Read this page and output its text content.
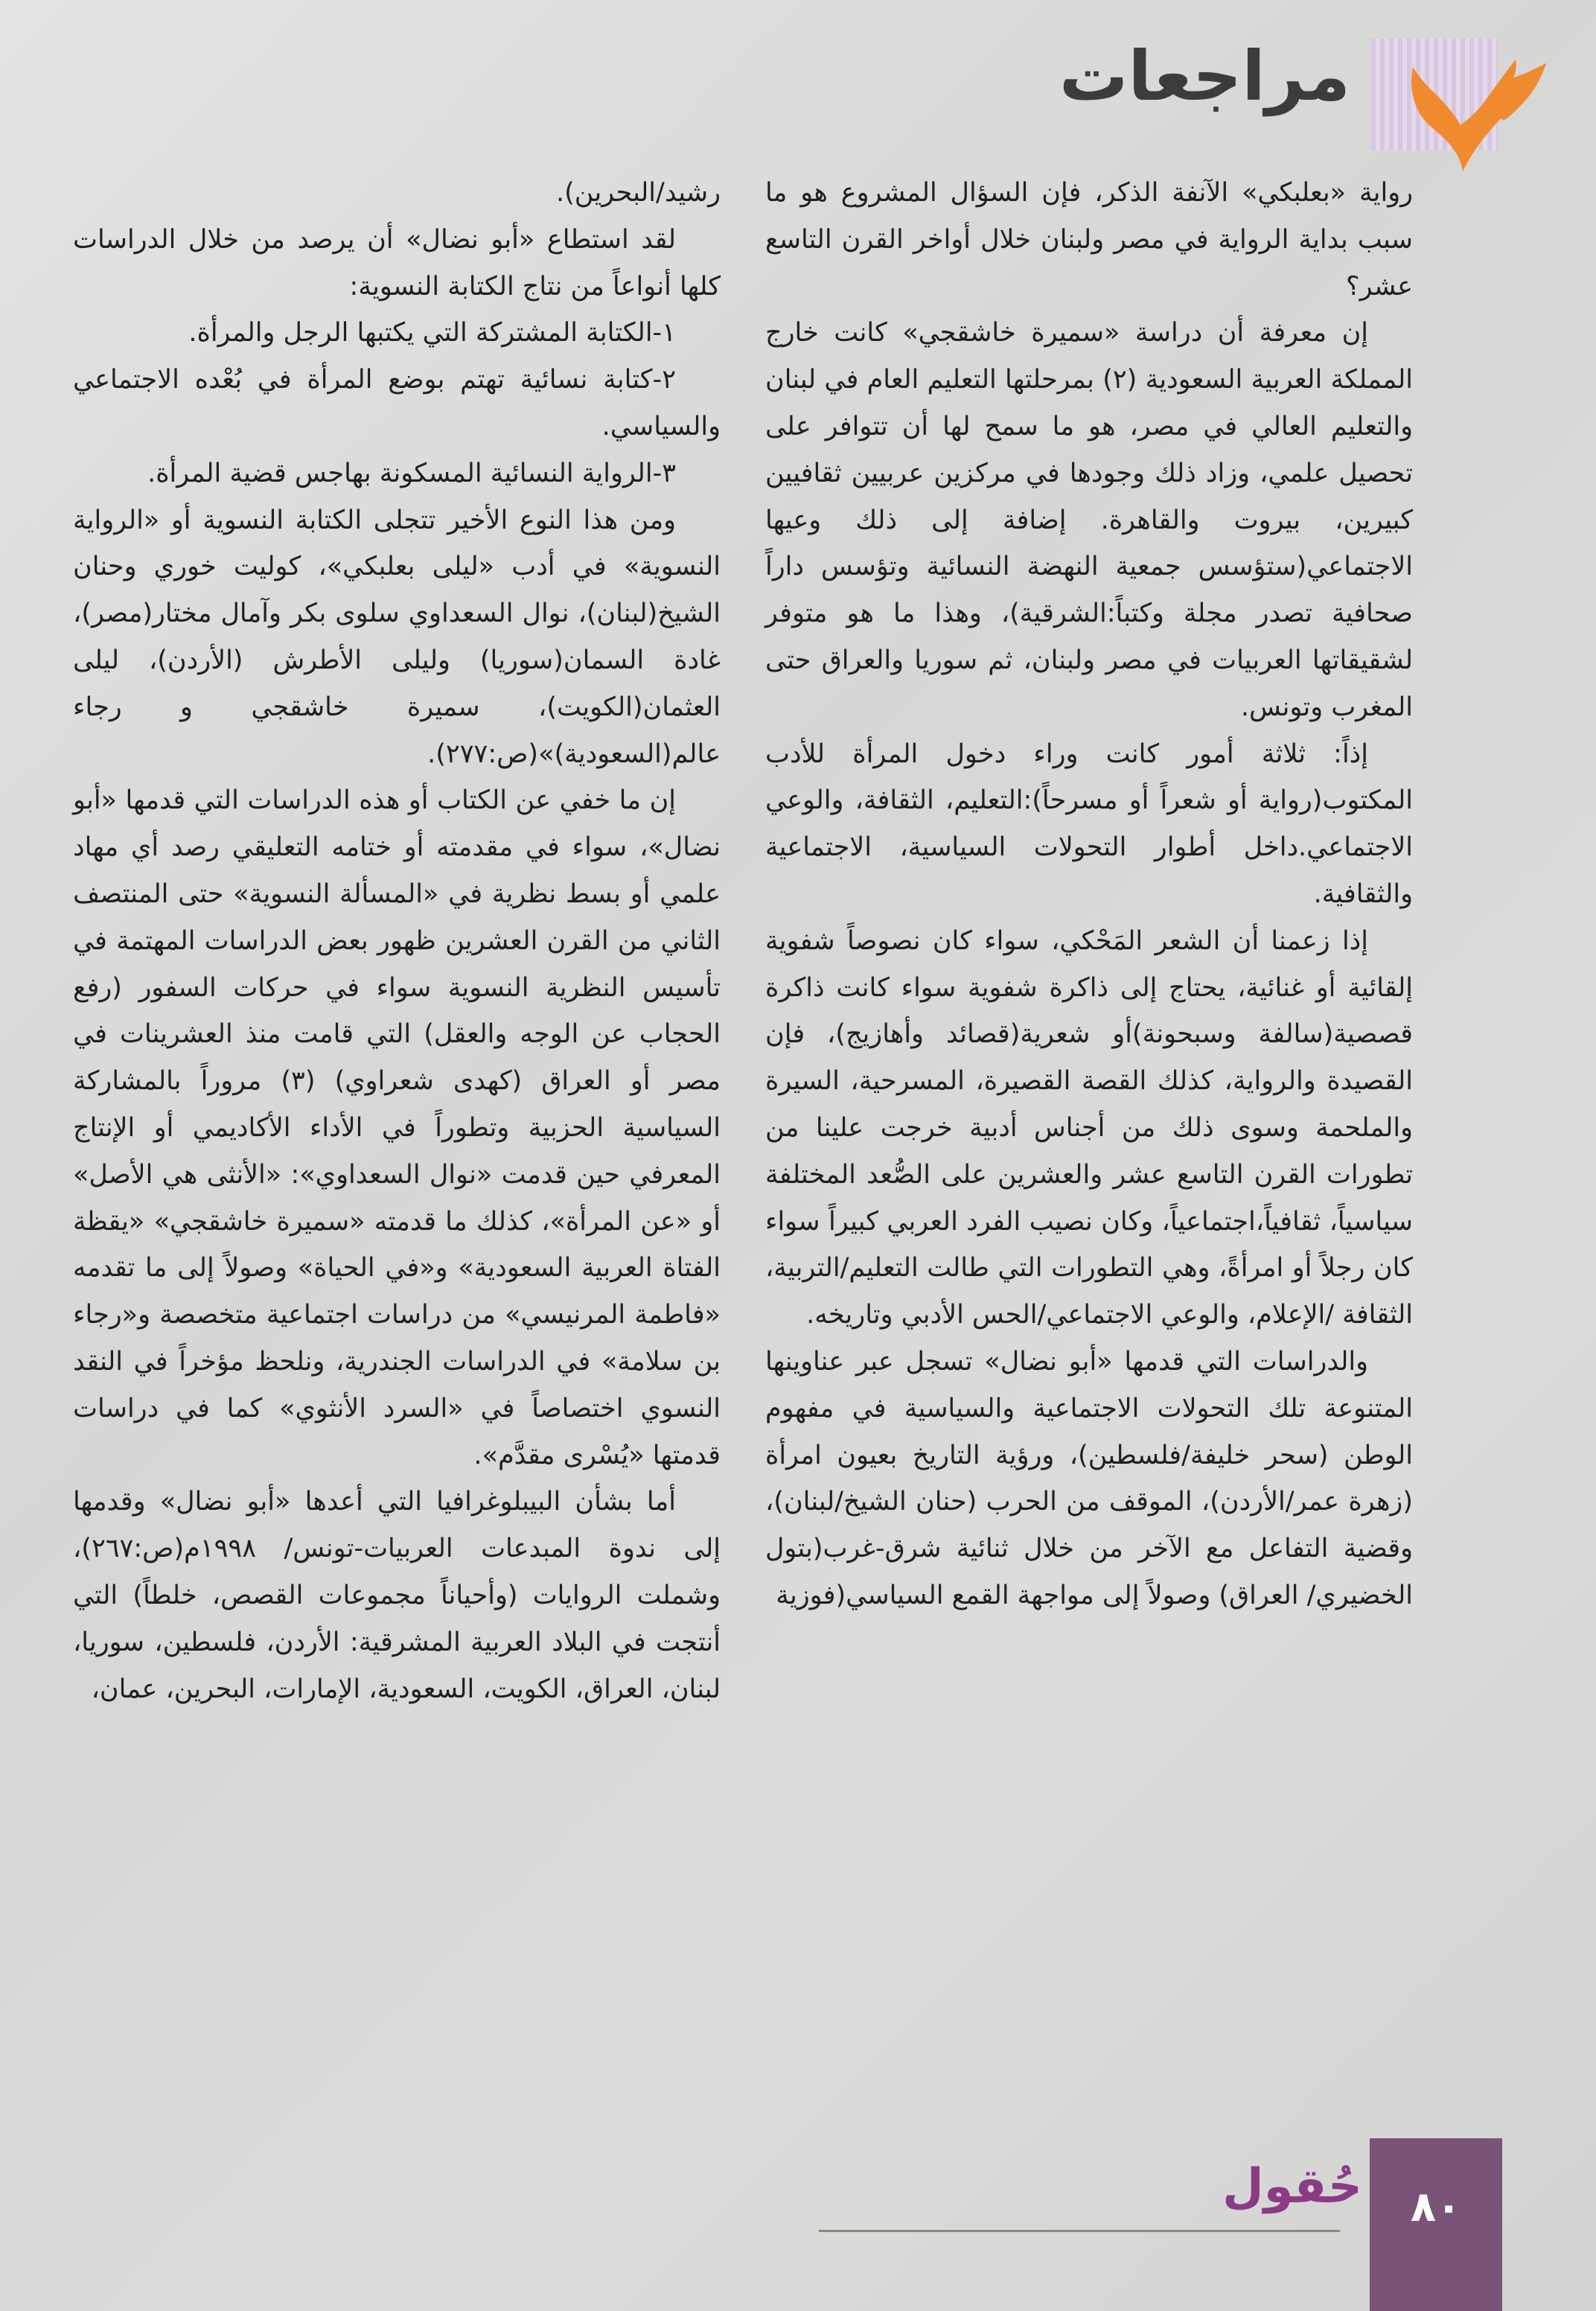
مراجعات

رواية «بعلبكي» الآنفة الذكر، فإن السؤال المشروع هو ما سبب بداية الرواية في مصر ولبنان خلال أواخر القرن التاسع عشر؟

إن معرفة أن دراسة «سميرة خاشقجي» كانت خارج المملكة العربية السعودية (٢) بمرحلتها التعليم العام في لبنان والتعليم العالي في مصر، هو ما سمح لها أن تتوافر على تحصيل علمي، وزاد ذلك وجودها في مركزين عربيين ثقافيين كبيرين، بيروت والقاهرة. إضافة إلى ذلك وعيها الاجتماعي(ستؤسس جمعية النهضة النسائية وتؤسس داراً صحافية تصدر مجلة وكتباً:الشرقية)، وهذا ما هو متوفر لشقيقاتها العربيات في مصر ولبنان، ثم سوريا والعراق حتى المغرب وتونس.

إذاً: ثلاثة أمور كانت وراء دخول المرأة للأدب المكتوب(رواية أو شعراً أو مسرحاً):التعليم، الثقافة، والوعي الاجتماعي.داخل أطوار التحولات السياسية، الاجتماعية والثقافية.

إذا زعمنا أن الشعر المَحْكي، سواء كان نصوصاً شفوية إلقائية أو غنائية، يحتاج إلى ذاكرة شفوية سواء كانت ذاكرة قصصية(سالفة وسبحونة)أو شعرية(قصائد وأهازيج)، فإن القصيدة والرواية، كذلك القصة القصيرة، المسرحية، السيرة والملحمة وسوى ذلك من أجناس أدبية خرجت علينا من تطورات القرن التاسع عشر والعشرين على الصُّعد المختلفة سياسياً، ثقافياً،اجتماعياً، وكان نصيب الفرد العربي كبيراً سواء كان رجلاً أو امرأةً، وهي التطورات التي طالت التعليم/التربية، الثقافة /الإعلام، والوعي الاجتماعي/الحس الأدبي وتاريخه.

والدراسات التي قدمها «أبو نضال» تسجل عبر عناوينها المتنوعة تلك التحولات الاجتماعية والسياسية في مفهوم الوطن (سحر خليفة/فلسطين)، ورؤية التاريخ بعيون امرأة (زهرة عمر/الأردن)، الموقف من الحرب (حنان الشيخ/لبنان)، وقضية التفاعل مع الآخر من خلال ثنائية شرق-غرب(بتول الخضيري/ العراق) وصولاً إلى مواجهة القمع السياسي(فوزية

رشيد/البحرين).

لقد استطاع «أبو نضال» أن يرصد من خلال الدراسات كلها أنواعاً من نتاج الكتابة النسوية:

١-الكتابة المشتركة التي يكتبها الرجل والمرأة.

٢-كتابة نسائية تهتم بوضع المرأة في بُعْده الاجتماعي والسياسي.

٣-الرواية النسائية المسكونة بهاجس قضية المرأة.

ومن هذا النوع الأخير تتجلى الكتابة النسوية أو «الرواية النسوية» في أدب «ليلى بعلبكي»، كوليت خوري وحنان الشيخ(لبنان)، نوال السعداوي سلوى بكر وآمال مختار(مصر)، غادة السمان(سوريا) وليلى الأطرش (الأردن)، ليلى العثمان(الكويت)، سميرة خاشقجي و رجاء عالم(السعودية)»(ص:٢٧٧).

إن ما خفي عن الكتاب أو هذه الدراسات التي قدمها «أبو نضال»، سواء في مقدمته أو ختامه التعليقي رصد أي مهاد علمي أو بسط نظرية في «المسألة النسوية» حتى المنتصف الثاني من القرن العشرين ظهور بعض الدراسات المهتمة في تأسيس النظرية النسوية سواء في حركات السفور (رفع الحجاب عن الوجه والعقل) التي قامت منذ العشرينات في مصر أو العراق (كهدى شعراوي) (٣) مروراً بالمشاركة السياسية الحزبية وتطوراً في الأداء الأكاديمي أو الإنتاج المعرفي حين قدمت «نوال السعداوي»: «الأنثى هي الأصل» أو «عن المرأة»، كذلك ما قدمته «سميرة خاشقجي» «يقظة الفتاة العربية السعودية» و«في الحياة» وصولاً إلى ما تقدمه «فاطمة المرنيسي» من دراسات اجتماعية متخصصة و«رجاء بن سلامة» في الدراسات الجندرية، ونلحظ مؤخراً في النقد النسوي اختصاصاً في «السرد الأنثوي» كما في دراسات قدمتها «يُسْرى مقدَّم».

أما بشأن البيبلوغرافيا التي أعدها «أبو نضال» وقدمها إلى ندوة المبدعات العربيات-تونس/ ١٩٩٨م(ص:٢٦٧)، وشملت الروايات (وأحياناً مجموعات القصص، خلطاً) التي أنتجت في البلاد العربية المشرقية: الأردن، فلسطين، سوريا، لبنان، العراق، الكويت، السعودية، الإمارات، البحرين، عمان،

حُقول	٨٠
